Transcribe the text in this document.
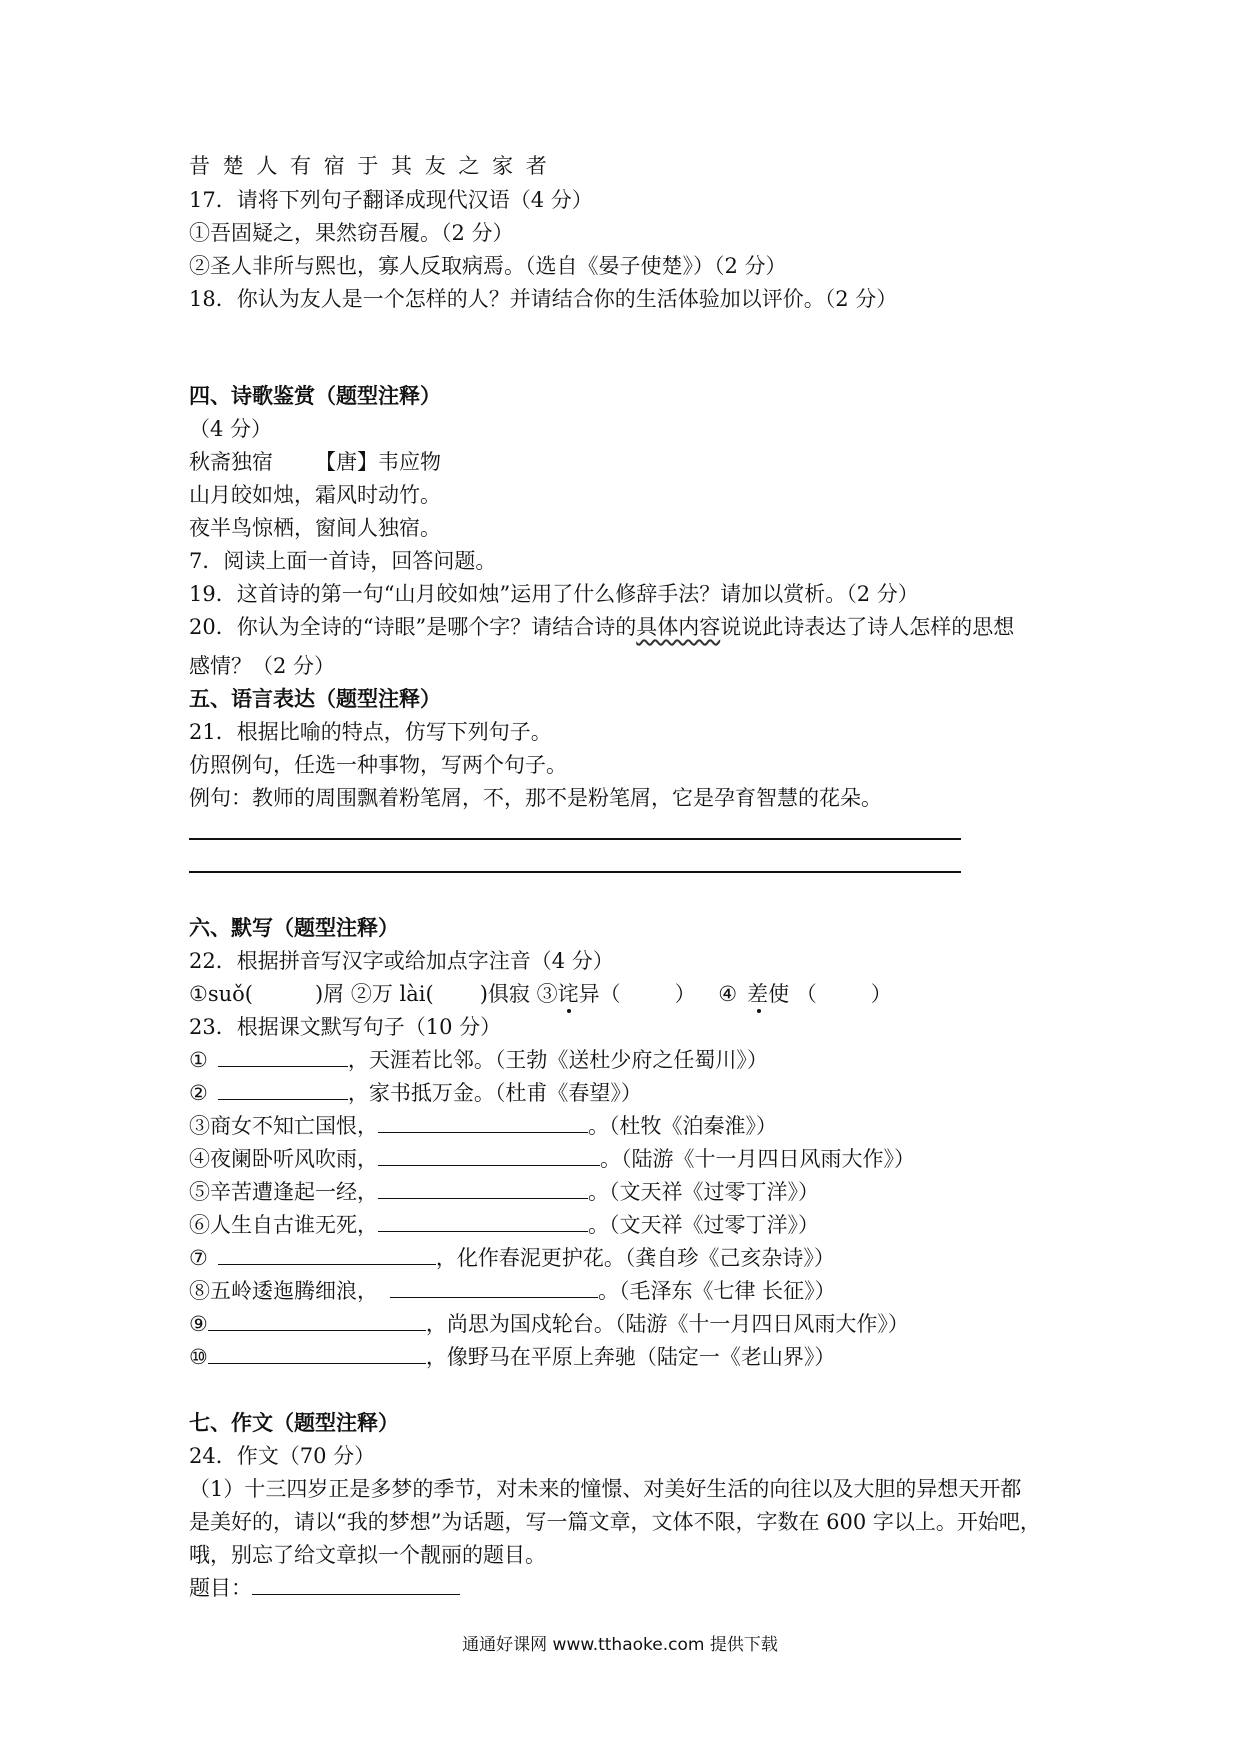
昔 楚 人 有 宿 于 其 友 之 家 者
17．请将下列句子翻译成现代汉语（4 分）
①吾固疑之，果然窃吾履。（2 分）
②圣人非所与熙也，寡人反取病焉。（选自《晏子使楚》）（2 分）
18．你认为友人是一个怎样的人？并请结合你的生活体验加以评价。（2 分）
四、诗歌鉴赏（题型注释）
（4 分）
秋斋独宿 【唐】韦应物
山月皎如烛，霜风时动竹。
夜半鸟惊栖，窗间人独宿。
7．阅读上面一首诗，回答问题。
19．这首诗的第一句“山月皎如烛”运用了什么修辞手法？请加以赏析。（2 分）
20．你认为全诗的“诗眼”是哪个字？请结合诗的具体内容说说此诗表达了诗人怎样的思想
感情？（2 分）
五、语言表达（题型注释）
21．根据比喻的特点，仿写下列句子。
仿照例句，任选一种事物，写两个句子。
例句：教师的周围飘着粉笔屑，不，那不是粉笔屑，它是孕育智慧的花朵。
六、默写（题型注释）
22．根据拼音写汉字或给加点字注音（4 分）
①suǒ(	)屑 ②万 lài( )俱寂 ③诧异（	） ④ 差使 （	）
23．根据课文默写句子（10 分）
①	，天涯若比邻。（王勃《送杜少府之任蜀川》）
②	，家书抵万金。（杜甫《春望》）
③商女不知亡国恨，	。（杜牧《泊秦淮》）
④夜阑卧听风吹雨，	。（陆游《十一月四日风雨大作》）
⑤辛苦遭逢起一经，	。（文天祥《过零丁洋》）
⑥人生自古谁无死，	。（文天祥《过零丁洋》）
⑦	，化作春泥更护花。（龚自珍《己亥杂诗》）
⑧五岭逶迤腾细浪，	。（毛泽东《七律 长征》）
⑨	，尚思为国戍轮台。（陆游《十一月四日风雨大作》）
⑩	，像野马在平原上奔驰（陆定一《老山界》）
七、作文（题型注释）
24．作文（70 分）
（1）十三四岁正是多梦的季节，对未来的憧憬、对美好生活的向往以及大胆的异想天开都
是美好的，请以“我的梦想”为话题，写一篇文章，文体不限，字数在 600 字以上。开始吧，
哦，别忘了给文章拟一个靓丽的题目。
题目：
通通好课网 www.tthaoke.com 提供下载
